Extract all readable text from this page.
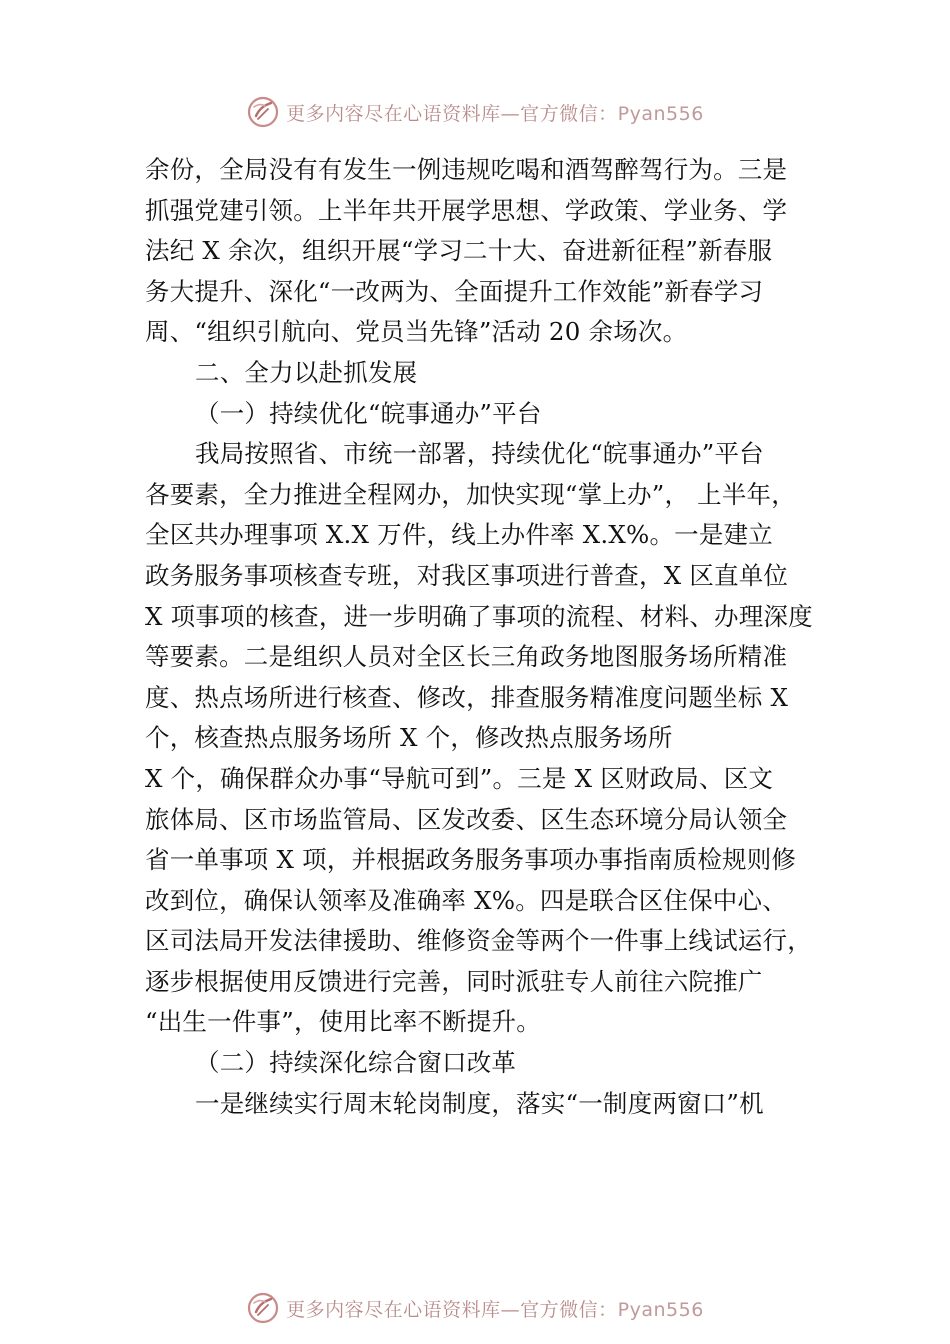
更多内容尽在心语资料库—官方微信：Pyan556
余份，全局没有有发生一例违规吃喝和酒驾醉驾行为。三是
抓强党建引领。上半年共开展学思想、学政策、学业务、学
法纪 X 余次，组织开展“学习二十大、奋进新征程”新春服
务大提升、深化“一改两为、全面提升工作效能”新春学习
周、“组织引航向、党员当先锋”活动 20 余场次。
二、全力以赴抓发展
（一）持续优化“皖事通办”平台
我局按照省、市统一部署，持续优化“皖事通办”平台
各要素，全力推进全程网办，加快实现“掌上办”， 上半年，
全区共办理事项 X.X 万件，线上办件率 X.X%。一是建立
政务服务事项核查专班，对我区事项进行普查，X 区直单位
X 项事项的核查，进一步明确了事项的流程、材料、办理深度
等要素。二是组织人员对全区长三角政务地图服务场所精准
度、热点场所进行核查、修改，排查服务精准度问题坐标 X
个，核查热点服务场所 X 个，修改热点服务场所
X 个，确保群众办事“导航可到”。三是 X 区财政局、区文
旅体局、区市场监管局、区发改委、区生态环境分局认领全
省一单事项 X 项，并根据政务服务事项办事指南质检规则修
改到位，确保认领率及准确率 X%。四是联合区住保中心、
区司法局开发法律援助、维修资金等两个一件事上线试运行，
逐步根据使用反馈进行完善，同时派驻专人前往六院推广
“出生一件事”，使用比率不断提升。
（二）持续深化综合窗口改革
一是继续实行周末轮岗制度，落实“一制度两窗口”机
更多内容尽在心语资料库—官方微信：Pyan556
